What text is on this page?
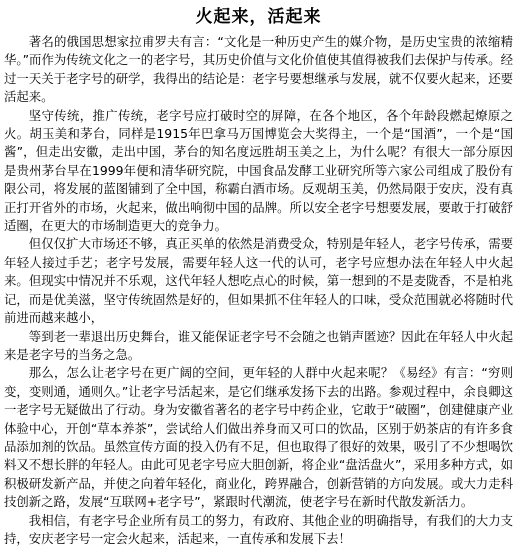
火起来，活起来

著名的俄国思想家拉甫罗夫有言：“文化是一种历史产生的媒介物，是历史宝贵的浓缩精华。”而作为传统文化之一的老字号，其历史价值与文化价值使其值得被我们去保护与传承。经过一天关于老字号的研学，我得出的结论是：老字号要想继承与发展，就不仅要火起来，还要活起来。

坚守传统，推广传统，老字号应打破时空的屏障，在各个地区，各个年龄段燃起燎原之火。胡玉美和茅台，同样是1915年巴拿马万国博览会大奖得主，一个是“国酒”，一个是“国酱”，但走出安徽，走出中国，茅台的知名度远胜胡玉美之上，为什么呢？有很大一部分原因是贵州茅台早在1999年便和清华研究院，中国食品发酵工业研究所等六家公司组成了股份有限公司，将发展的蓝图铺到了全中国，称霸白酒市场。反观胡玉美，仍然局限于安庆，没有真正打开省外的市场，火起来，做出响彻中国的品牌。所以安全老字号想要发展，要敢于打破舒适圈，在更大的市场制造更大的竞争力。

但仅仅扩大市场还不够，真正买单的依然是消费受众，特别是年轻人，老字号传承，需要年轻人接过手艺；老字号发展，需要年轻人这一代的认可，老字号应想办法在年轻人中火起来。但现实中情况并不乐观，这代年轻人想吃点心的时候，第一想到的不是麦陇香，不是柏兆记，而是优美滋，坚守传统固然是好的，但如果抓不住年轻人的口味，受众范围就必将随时代前进而越来越小，

等到老一辈退出历史舞台，谁又能保证老字号不会随之也销声匿迹？因此在年轻人中火起来是老字号的当务之急。

那么，怎么让老字号在更广阔的空间，更年轻的人群中火起来呢？《易经》有言：“穷则变，变则通，通则久。”让老字号活起来，是它们继承发扬下去的出路。参观过程中，余良卿这一老字号无疑做出了行动。身为安徽省著名的老字号中药企业，它敢于“破圈”，创建健康产业体验中心，开创“草本养茶”，尝试给人们做出养身而又可口的饮品，区别于奶茶店的有许多食品添加剂的饮品。虽然宣传方面的投入仍有不足，但也取得了很好的效果，吸引了不少想喝饮料又不想长胖的年轻人。由此可见老字号应大胆创新，将企业“盘活盘火”，采用多种方式，如积极研发新产品，并使之向着年轻化，商业化，跨界融合，创新营销的方向发展。或大力走科技创新之路，发展“互联网+老字号”，紧跟时代潮流，使老字号在新时代散发新活力。

我相信，有老字号企业所有员工的努力，有政府、其他企业的明确指导，有我们的大力支持，安庆老字号一定会火起来，活起来，一直传承和发展下去！
